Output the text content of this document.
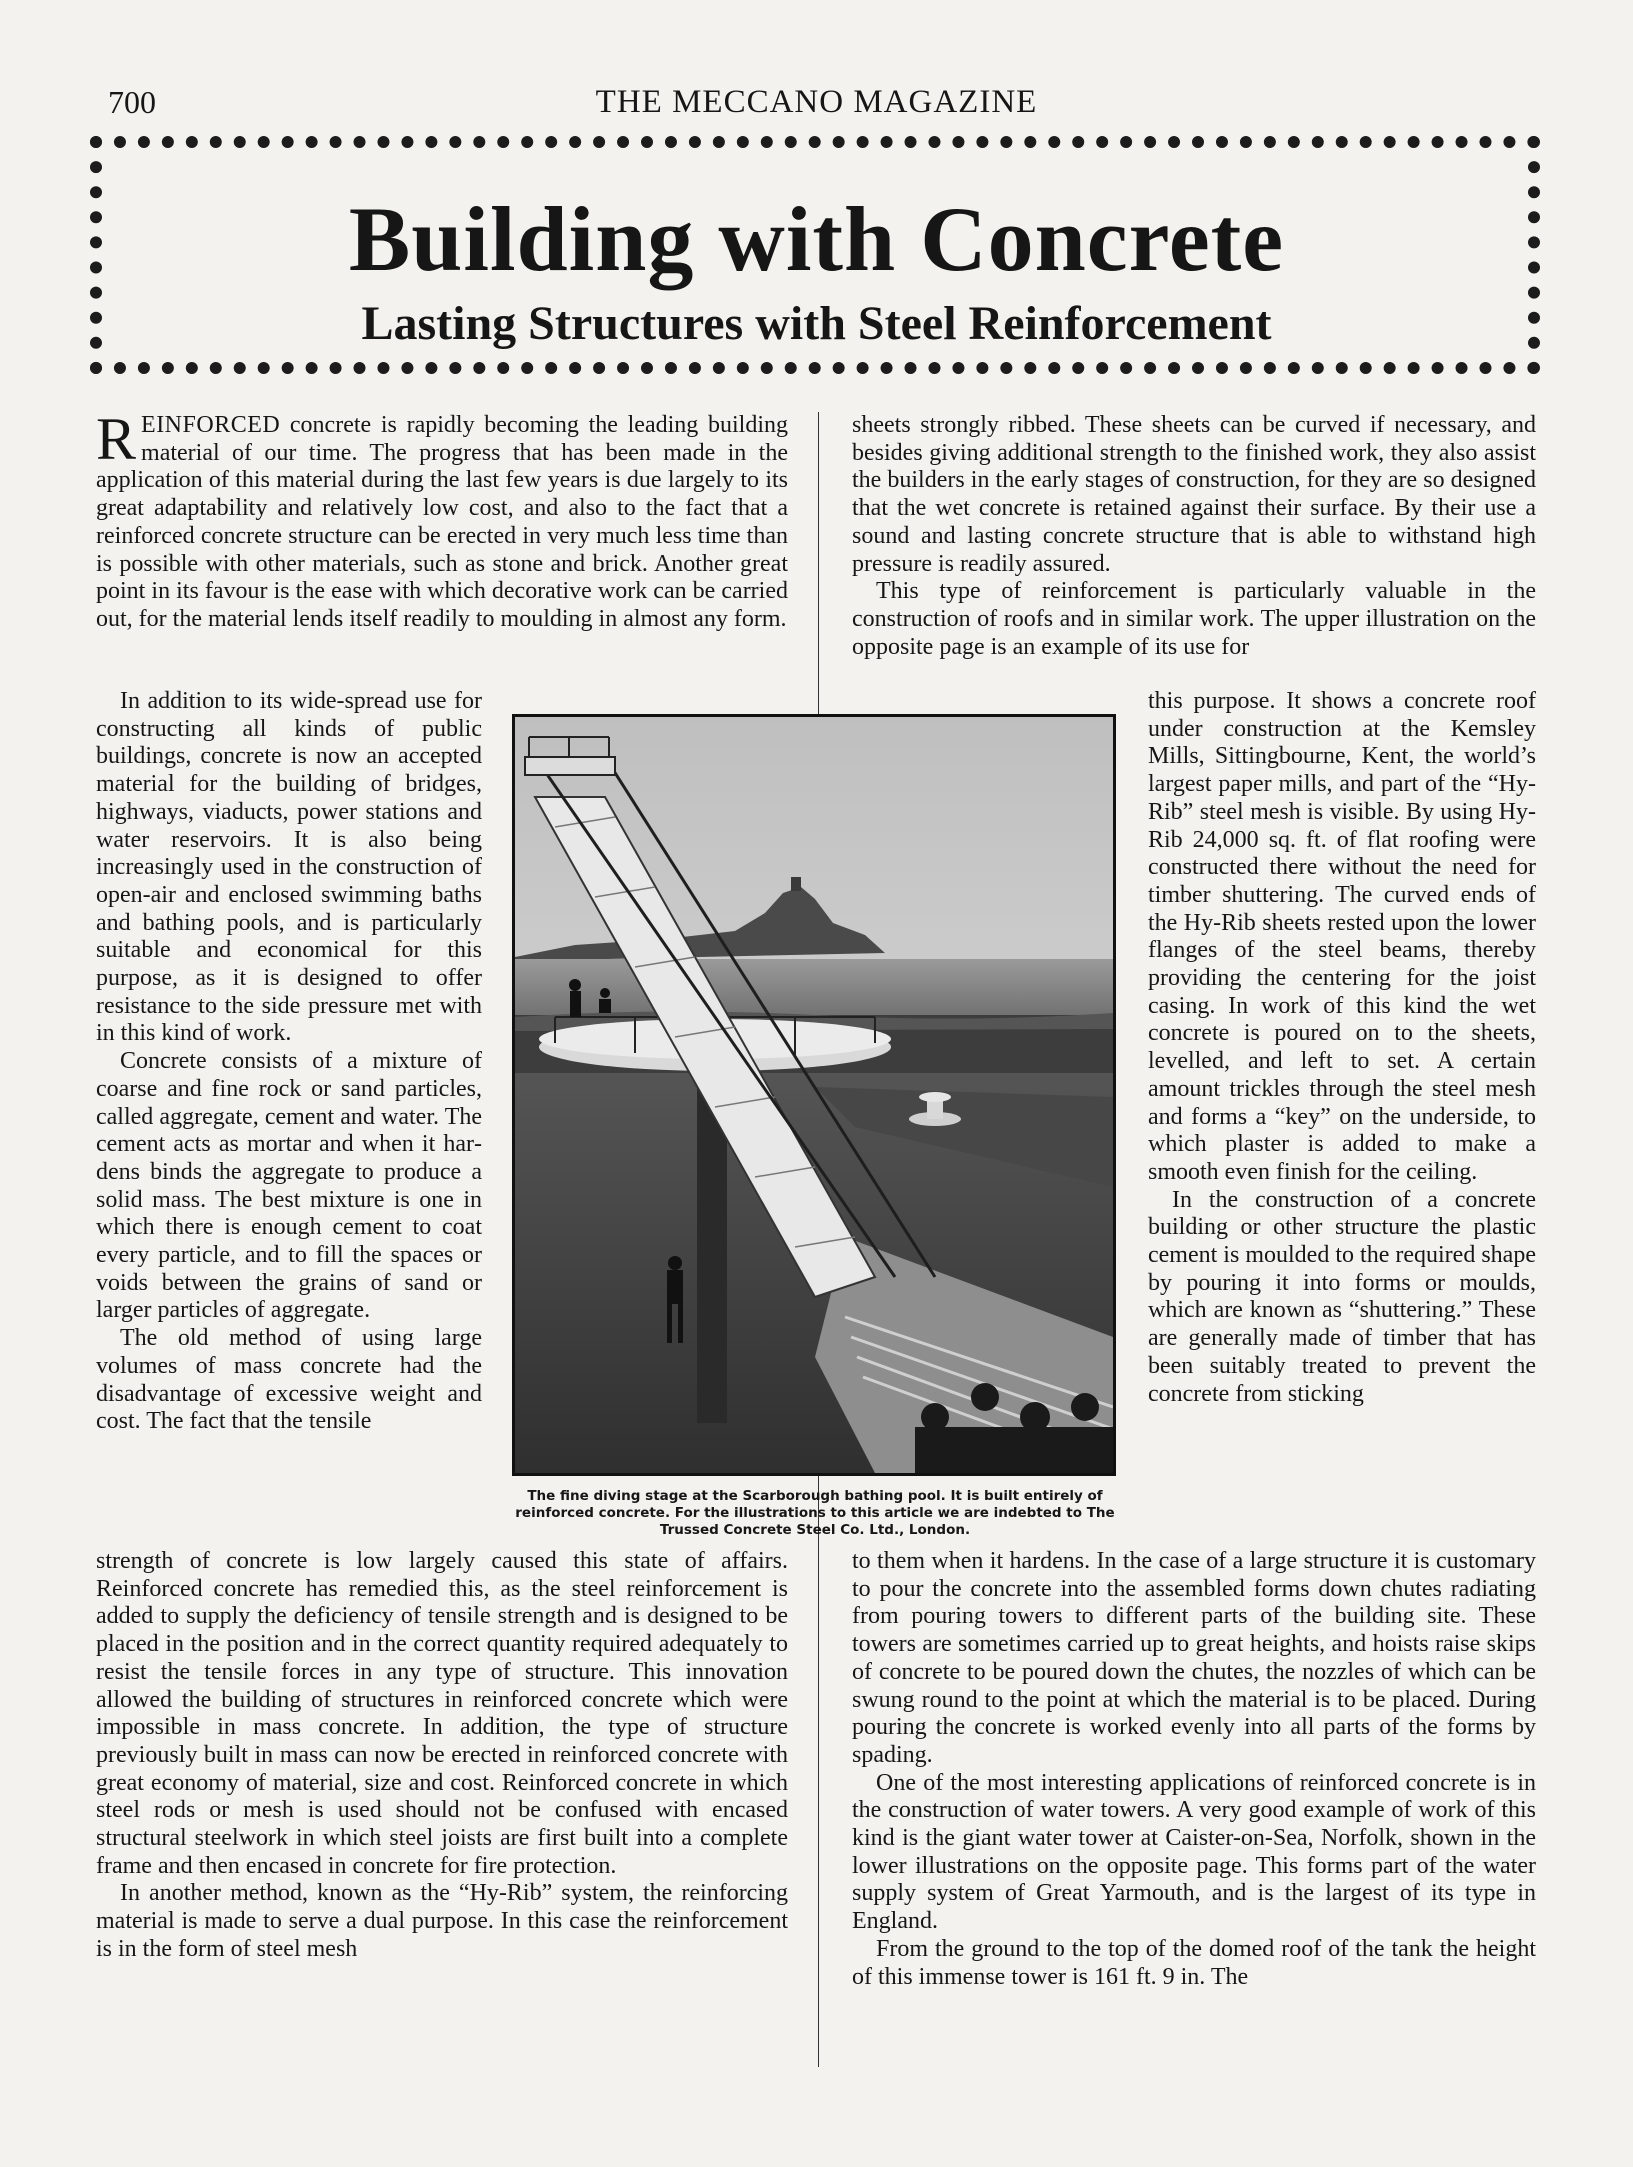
700	THE MECCANO MAGAZINE
Building with Concrete
Lasting Structures with Steel Reinforcement

REINFORCED concrete is rapidly becoming the leading building material of our time. The progress that has been made in the application of this material during the last few years is due largely to its great adaptability and relatively low cost, and also to the fact that a reinforced concrete structure can be erected in very much less time than is possible with other materials, such as stone and brick. Another great point in its favour is the ease with which decorative work can be carried out, for the material lends itself readily to moulding in almost any form.

In addition to its wide-spread use for constructing all kinds of public buildings, concrete is now an accepted material for the building of bridges, highways, viaducts, power stations and water reservoirs. It is also being increasingly used in the construction of open-air and enclosed swimming baths and bathing pools, and is particularly suitable and economical for this purpose, as it is designed to offer resistance to the side pressure met with in this kind of work.

Concrete consists of a mixture of coarse and fine rock or sand particles, called aggregate, cement and water. The cement acts as mortar and when it hardens binds the aggregate to produce a solid mass. The best mixture is one in which there is enough cement to coat every particle, and to fill the spaces or voids between the grains of sand or larger particles of aggregate.

The old method of using large volumes of mass concrete had the disadvantage of excessive weight and cost. The fact that the tensile

strength of concrete is low largely caused this state of affairs. Reinforced concrete has remedied this, as the steel reinforcement is added to supply the deficiency of tensile strength and is designed to be placed in the position and in the correct quantity required adequately to resist the tensile forces in any type of structure. This innovation allowed the building of structures in reinforced concrete which were impossible in mass concrete. In addition, the type of structure previously built in mass can now be erected in reinforced concrete with great economy of material, size and cost. Reinforced concrete in which steel rods or mesh is used should not be confused with encased structural steelwork in which steel joists are first built into a complete frame and then encased in concrete for fire protection.

In another method, known as the “Hy-Rib” system, the reinforcing material is made to serve a dual purpose. In this case the reinforcement is in the form of steel mesh

sheets strongly ribbed. These sheets can be curved if necessary, and besides giving additional strength to the finished work, they also assist the builders in the early stages of construction, for they are so designed that the wet concrete is retained against their surface. By their use a sound and lasting concrete structure that is able to withstand high pressure is readily assured.

This type of reinforcement is particularly valuable in the construction of roofs and in similar work. The upper illustration on the opposite page is an example of its use for

this purpose. It shows a concrete roof under construction at the Kemsley Mills, Sittingbourne, Kent, the world’s largest paper mills, and part of the “Hy-Rib” steel mesh is visible. By using Hy-Rib 24,000 sq. ft. of flat roofing were constructed there without the need for timber shuttering. The curved ends of the Hy-Rib sheets rested upon the lower flanges of the steel beams, thereby providing the centering for the joist casing. In work of this kind the wet concrete is poured on to the sheets, levelled, and left to set. A certain amount trickles through the steel mesh and forms a “key” on the underside, to which plaster is added to make a smooth even finish for the ceiling.

In the construction of a concrete building or other structure the plastic cement is moulded to the required shape by pouring it into forms or moulds, which are known as “shuttering.” These are generally made of timber that has been suitably treated to prevent the concrete from sticking

to them when it hardens. In the case of a large structure it is customary to pour the concrete into the assembled forms down chutes radiating from pouring towers to different parts of the building site. These towers are sometimes carried up to great heights, and hoists raise skips of concrete to be poured down the chutes, the nozzles of which can be swung round to the point at which the material is to be placed. During pouring the concrete is worked evenly into all parts of the forms by spading.

One of the most interesting applications of reinforced concrete is in the construction of water towers. A very good example of work of this kind is the giant water tower at Caister-on-Sea, Norfolk, shown in the lower illustrations on the opposite page. This forms part of the water supply system of Great Yarmouth, and is the largest of its type in England.

From the ground to the top of the domed roof of the tank the height of this immense tower is 161 ft. 9 in. The

The fine diving stage at the Scarborough bathing pool. It is built entirely of reinforced concrete. For the illustrations to this article we are indebted to The Trussed Concrete Steel Co. Ltd., London.
